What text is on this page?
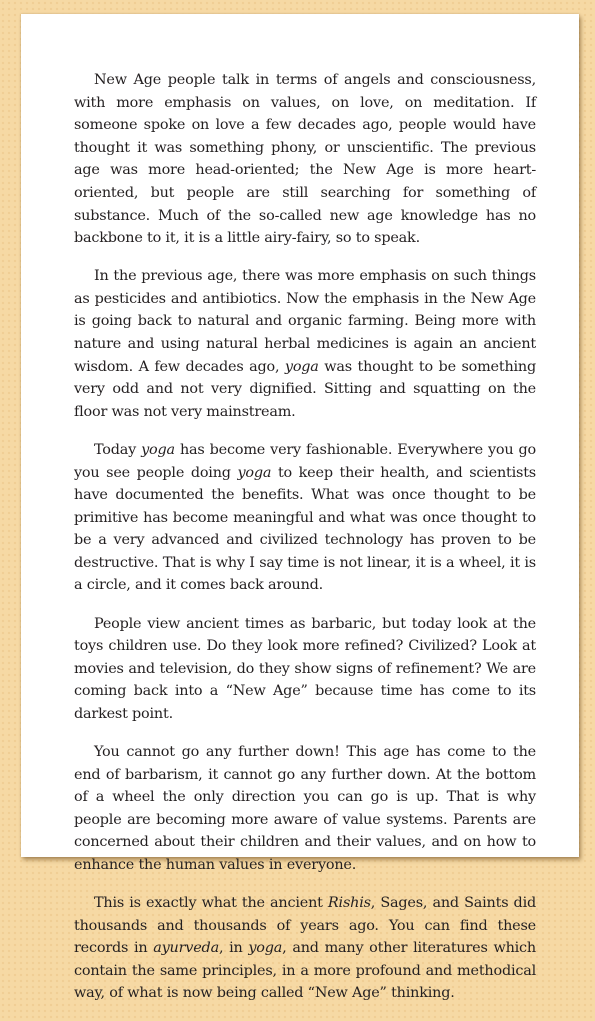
New Age people talk in terms of angels and consciousness, with more emphasis on values, on love, on meditation. If someone spoke on love a few decades ago, people would have thought it was something phony, or unscientific. The previous age was more head-oriented; the New Age is more heart-oriented, but people are still searching for something of substance. Much of the so-called new age knowledge has no backbone to it, it is a little airy-fairy, so to speak.

In the previous age, there was more emphasis on such things as pesticides and antibiotics. Now the emphasis in the New Age is going back to natural and organic farming. Being more with nature and using natural herbal medicines is again an ancient wisdom. A few decades ago, yoga was thought to be something very odd and not very dignified. Sitting and squatting on the floor was not very mainstream.

Today yoga has become very fashionable. Everywhere you go you see people doing yoga to keep their health, and scientists have documented the benefits. What was once thought to be primitive has become meaningful and what was once thought to be a very advanced and civilized technology has proven to be destructive. That is why I say time is not linear, it is a wheel, it is a circle, and it comes back around.

People view ancient times as barbaric, but today look at the toys children use. Do they look more refined? Civilized? Look at movies and television, do they show signs of refinement? We are coming back into a “New Age” because time has come to its darkest point.

You cannot go any further down! This age has come to the end of barbarism, it cannot go any further down. At the bottom of a wheel the only direction you can go is up. That is why people are becoming more aware of value systems. Parents are concerned about their children and their values, and on how to enhance the human values in everyone.

This is exactly what the ancient Rishis, Sages, and Saints did thousands and thousands of years ago. You can find these records in ayurveda, in yoga, and many other literatures which contain the same principles, in a more profound and methodical way, of what is now being called “New Age” thinking.
